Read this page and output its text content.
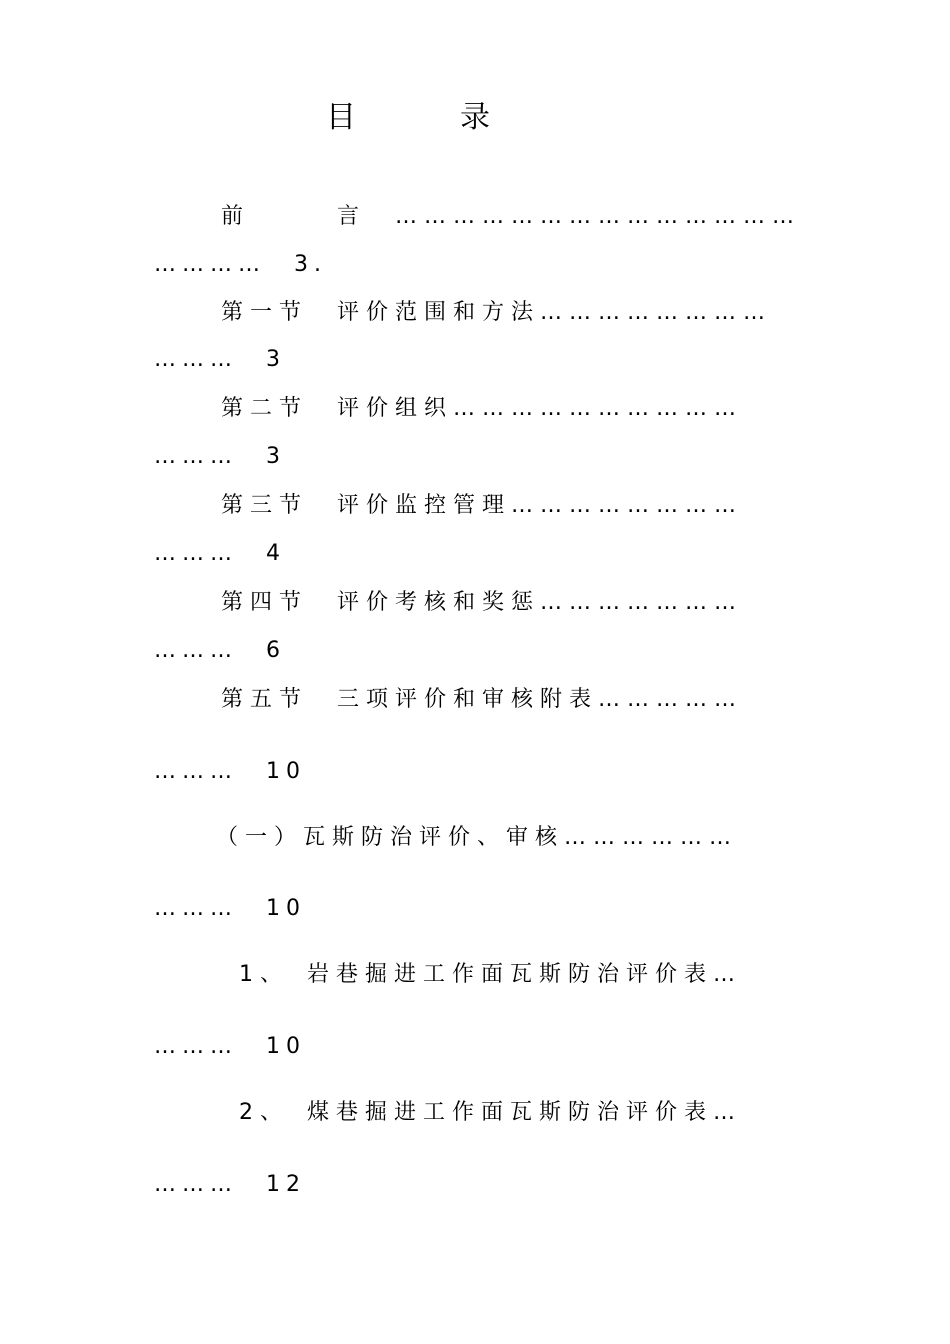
目	录
前　　　言　……………………………………
…………　3.
第一节　评价范围和方法……………………
………　3
第二节　评价组织…………………………
………　3
第三节　评价监控管理……………………
………　4
第四节　评价考核和奖惩…………………
………　6
第五节　三项评价和审核附表……………
………　10
（一）瓦斯防治评价、审核………………
………　10
1、　岩巷掘进工作面瓦斯防治评价表…
………　10
2、　煤巷掘进工作面瓦斯防治评价表…
………　12
